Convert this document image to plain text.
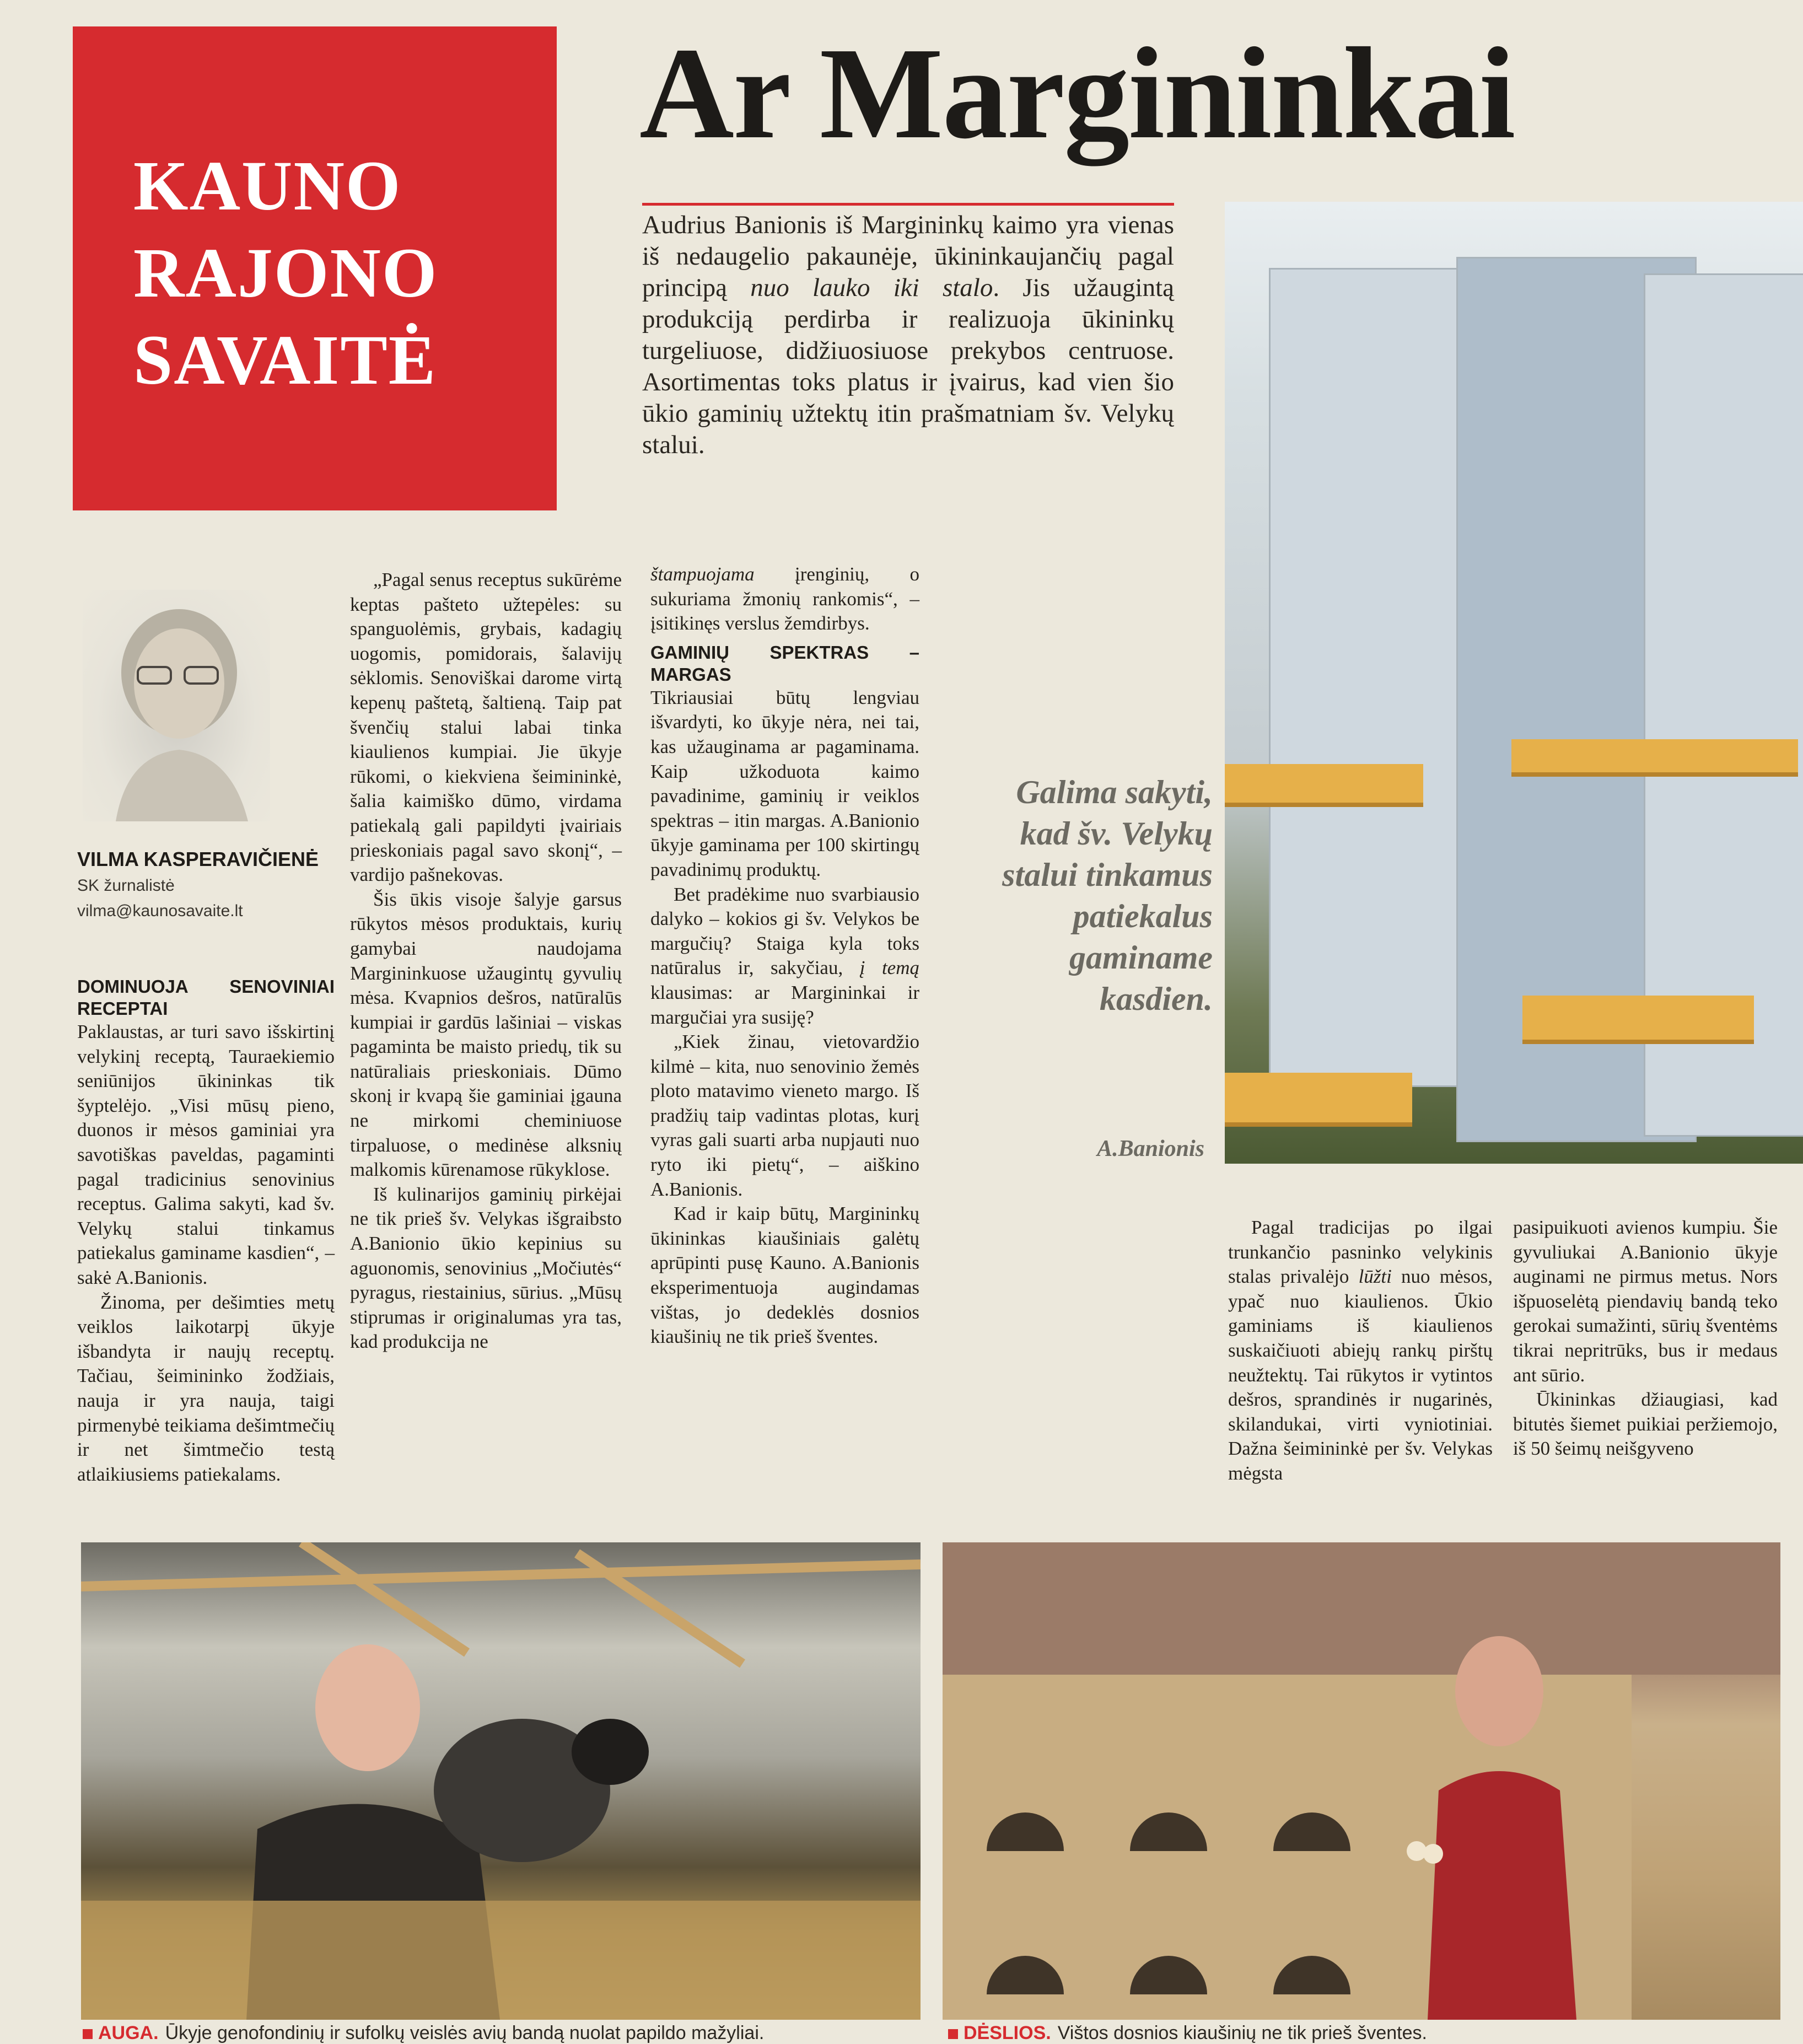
KAUNO
RAJONO
SAVAITĖ
Ar Margininkai
Audrius Banionis iš Margininkų kaimo yra vienas iš nedaugelio pakaunėje, ūkininkaujančių pagal principą nuo lauko iki stalo. Jis užaugintą produkciją perdirba ir realizuoja ūkininkų turgeliuose, didžiuosiuose prekybos centruose. Asortimentas toks platus ir įvairus, kad vien šio ūkio gaminių užtektų itin prašmatniam šv. Velykų stalui.
Galima sakyti, kad šv. Velykų stalui tinkamus patiekalus gaminame kasdien.
A.Banionis
VILMA KASPERAVIČIENĖ
SK žurnalistė
vilma@kaunosavaite.lt
DOMINUOJA SENOVINIAI RECEPTAI

Paklaustas, ar turi savo išskirtinį velykinį receptą, Tauraekiemio seniūnijos ūkininkas tik šyptelėjo. „Visi mūsų pieno, duonos ir mėsos gaminiai yra savotiškas paveldas, pagaminti pagal tradicinius senovinius receptus. Galima sakyti, kad šv. Velykų stalui tinkamus patiekalus gaminame kasdien“, – sakė A.Banionis.

Žinoma, per dešimties metų veiklos laikotarpį ūkyje išbandyta ir naujų receptų. Tačiau, šeimininko žodžiais, nauja ir yra nauja, taigi pirmenybė teikiama dešimtmečių ir net šimtmečio testą atlaikiusiems patiekalams.

„Pagal senus receptus sukūrėme keptas pašteto užtepėles: su spanguolėmis, grybais, kadagių uogomis, pomidorais, šalavijų sėklomis. Senoviškai darome virtą kepenų paštetą, šaltieną. Taip pat švenčių stalui labai tinka kiaulienos kumpiai. Jie ūkyje rūkomi, o kiekviena šeimininkė, šalia kaimiško dūmo, virdama patiekalą gali papildyti įvairiais prieskoniais pagal savo skonį“, – vardijo pašnekovas.

Šis ūkis visoje šalyje garsus rūkytos mėsos produktais, kurių gamybai naudojama Margininkuose užaugintų gyvulių mėsa. Kvapnios dešros, natūralūs kumpiai ir gardūs lašiniai – viskas pagaminta be maisto priedų, tik su natūraliais prieskoniais. Dūmo skonį ir kvapą šie gaminiai įgauna ne mirkomi cheminiuose tirpaluose, o medinėse alksnių malkomis kūrenamose rūkyklose.

Iš kulinarijos gaminių pirkėjai ne tik prieš šv. Velykas išgraibsto A.Banionio ūkio kepinius su aguonomis, senovinius „Močiutės“ pyragus, riestainius, sūrius. „Mūsų stiprumas ir originalumas yra tas, kad produkcija ne

štampuojama įrenginių, o sukuriama žmonių rankomis“, – įsitikinęs verslus žemdirbys.

GAMINIŲ SPEKTRAS – MARGAS

Tikriausiai būtų lengviau išvardyti, ko ūkyje nėra, nei tai, kas užauginama ar pagaminama. Kaip užkoduota kaimo pavadinime, gaminių ir veiklos spektras – itin margas. A.Banionio ūkyje gaminama per 100 skirtingų pavadinimų produktų.

Bet pradėkime nuo svarbiausio dalyko – kokios gi šv. Velykos be margučių? Staiga kyla toks natūralus ir, sakyčiau, į temą klausimas: ar Margininkai ir margučiai yra susiję?

„Kiek žinau, vietovardžio kilmė – kita, nuo senovinio žemės ploto matavimo vieneto margo. Iš pradžių taip vadintas plotas, kurį vyras gali suarti arba nupjauti nuo ryto iki pietų“, – aiškino A.Banionis.

Kad ir kaip būtų, Margininkų ūkininkas kiaušiniais galėtų aprūpinti pusę Kauno. A.Banionis eksperimentuoja augindamas vištas, jo dedeklės dosnios kiaušinių ne tik prieš šventes.

Pagal tradicijas po ilgai trunkančio pasninko velykinis stalas privalėjo lūžti nuo mėsos, ypač nuo kiaulienos. Ūkio gaminiams iš kiaulienos suskaičiuoti abiejų rankų pirštų neužtektų. Tai rūkytos ir vytintos dešros, sprandinės ir nugarinės, skilandukai, virti vyniotiniai. Dažna šeimininkė per šv. Velykas mėgsta

pasipuikuoti avienos kumpiu. Šie gyvuliukai A.Banionio ūkyje auginami ne pirmus metus. Nors išpuoselėtą piendavių bandą teko gerokai sumažinti, sūrių šventėms tikrai nepritrūks, bus ir medaus ant sūrio.

Ūkininkas džiaugiasi, kad bitutės šiemet puikiai peržiemojo, iš 50 šeimų neišgyveno

AUGA. Ūkyje genofondinių ir sufolkų veislės avių bandą nuolat papildo mažyliai.	DĖSLIOS. Vištos dosnios kiaušinių ne tik prieš šventes.
